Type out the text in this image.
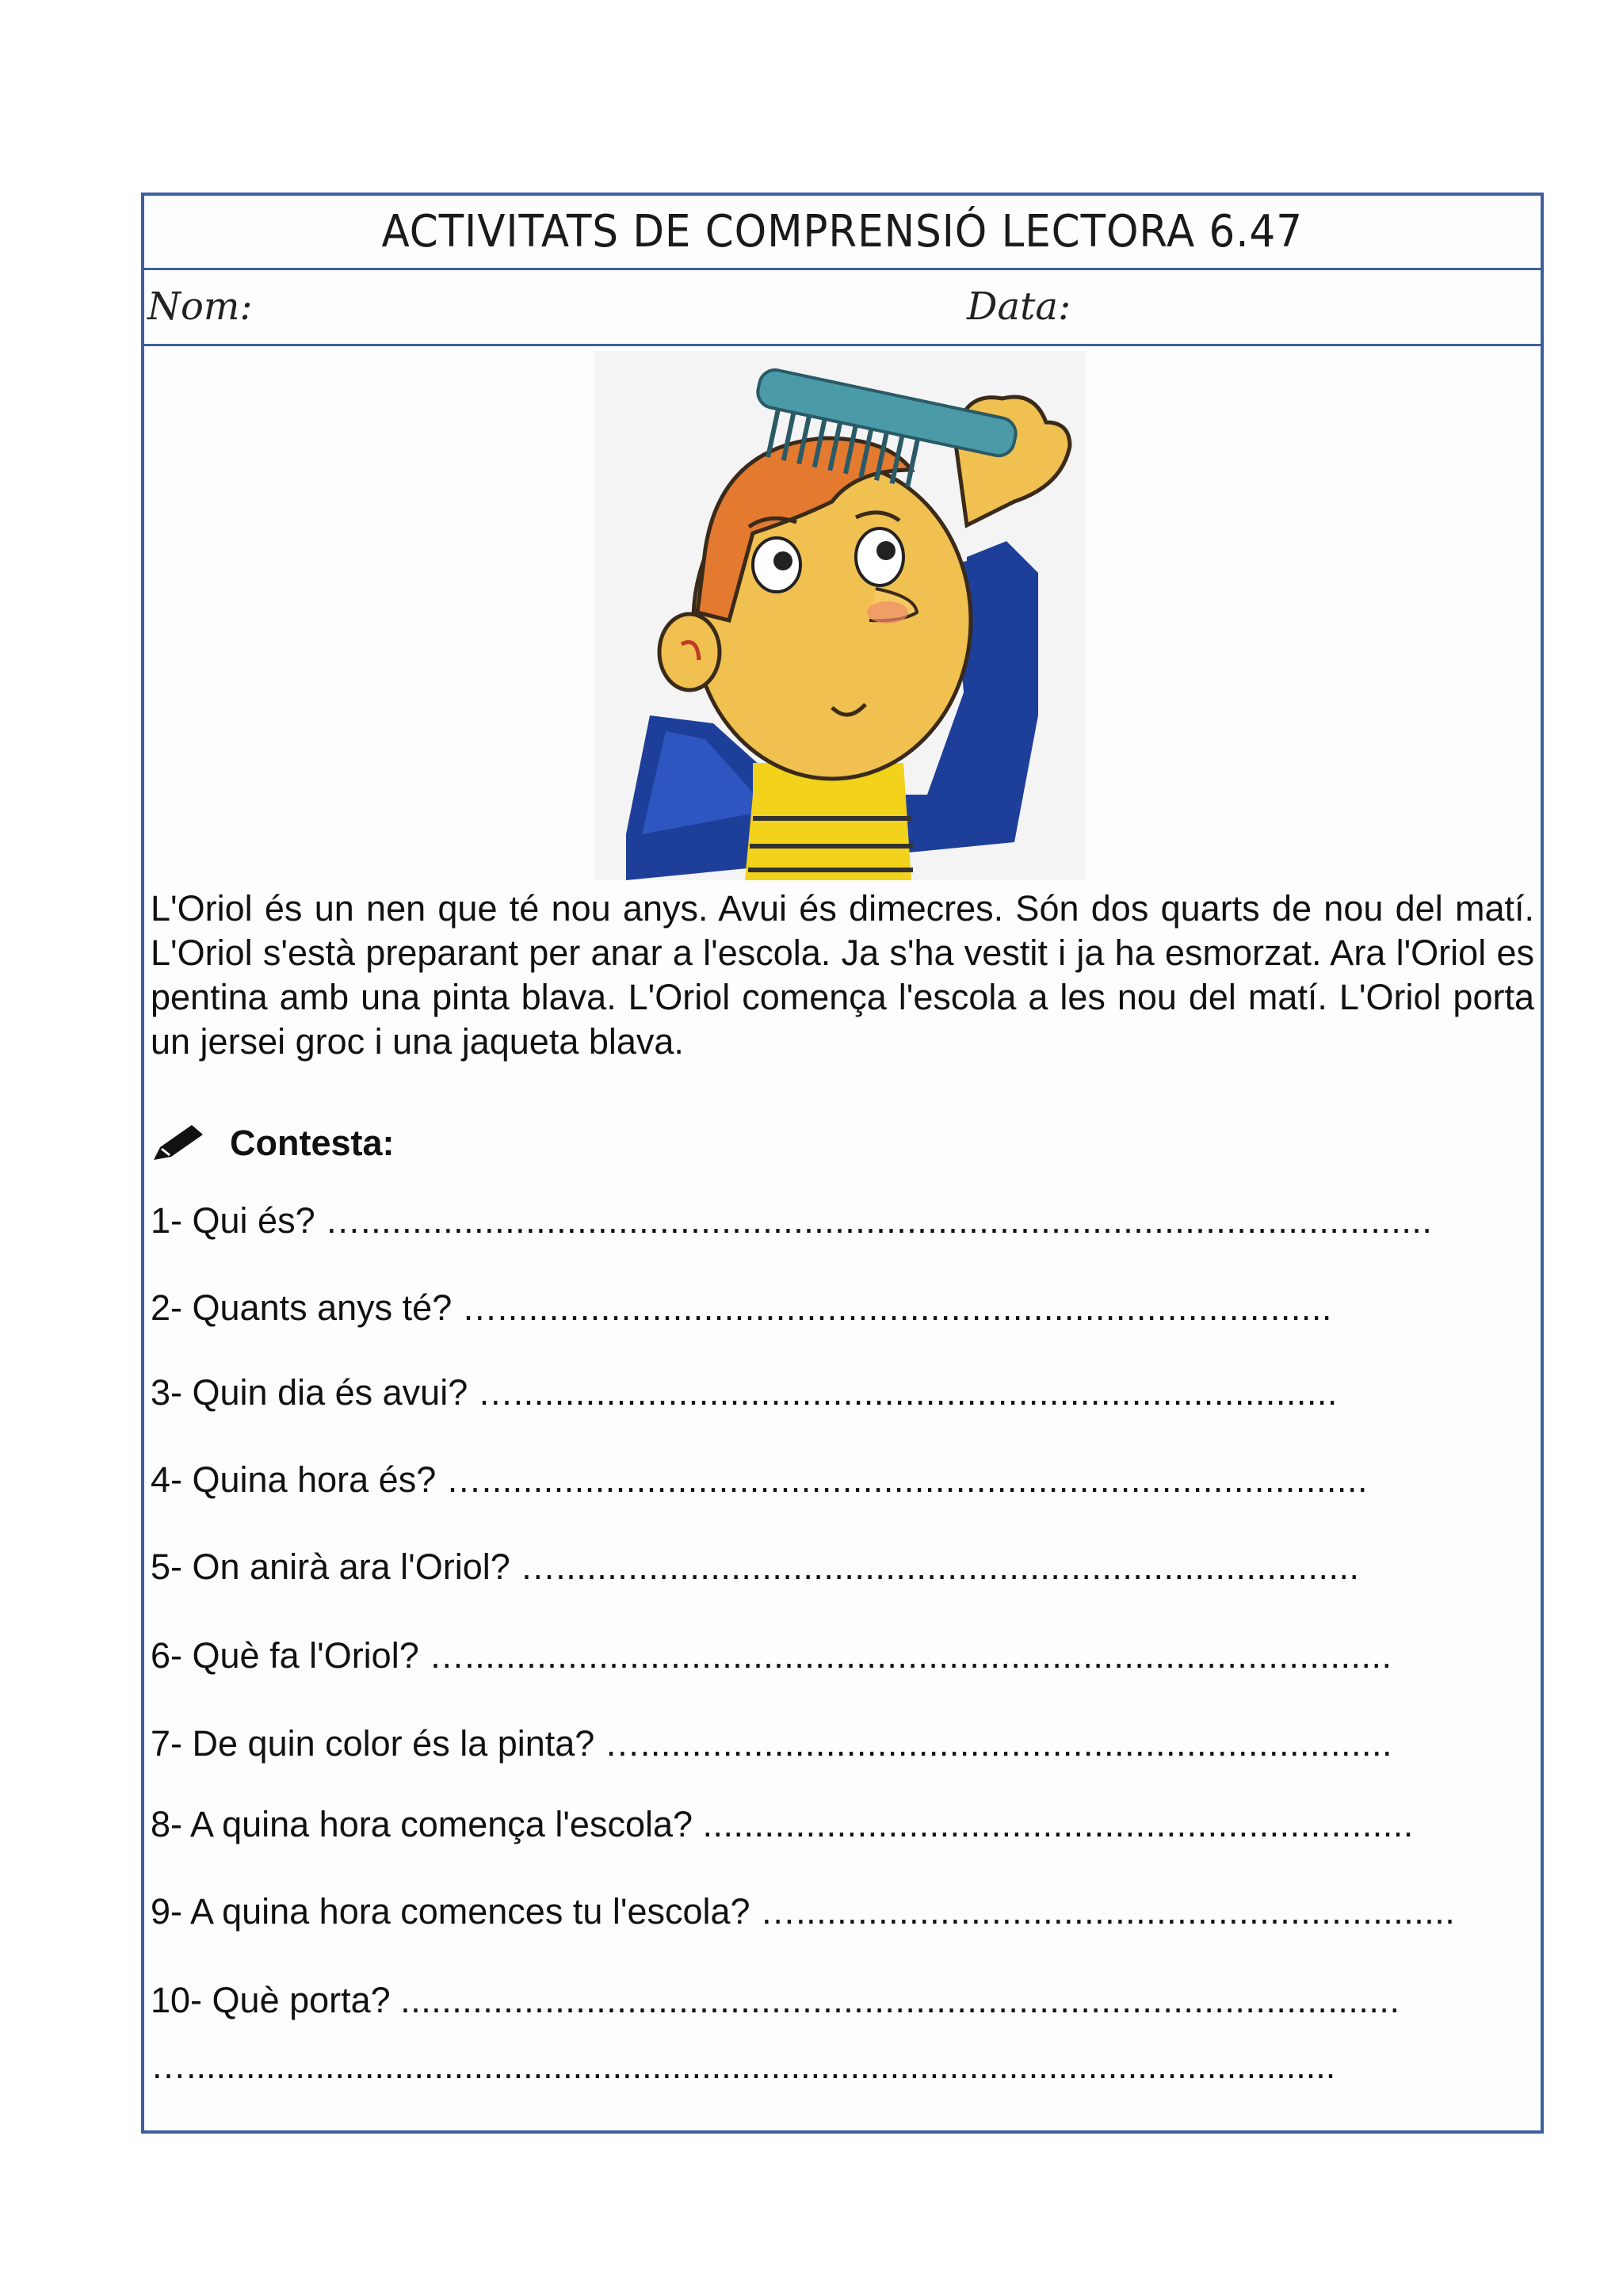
ACTIVITATS DE COMPRENSIÓ LECTORA 6.47
Nom:	Data:
L'Oriol és un nen que té nou anys. Avui és dimecres. Són dos quarts de nou del matí. L'Oriol s'està preparant per anar a l'escola. Ja s'ha vestit i ja ha esmorzat. Ara l'Oriol es pentina amb una pinta blava. L'Oriol comença l'escola a les nou del matí. L'Oriol porta un jersei groc i una jaqueta blava.
Contesta:
1- Qui és? …........................................................................................................
2- Quants anys té? ….................................................................................
3- Quin dia és avui? …................................................................................
4- Quina hora és? …......................................................................................
5- On anirà ara l'Oriol? …..............................................................................
6- Què fa l'Oriol? …..........................................................................................
7- De quin color és la pinta? ….........................................................................
8- A quina hora comença l'escola? .....................................................................
9- A quina hora comences tu l'escola? …................................................................
10- Què porta? .................................................................................................
…....................................................................................................................
